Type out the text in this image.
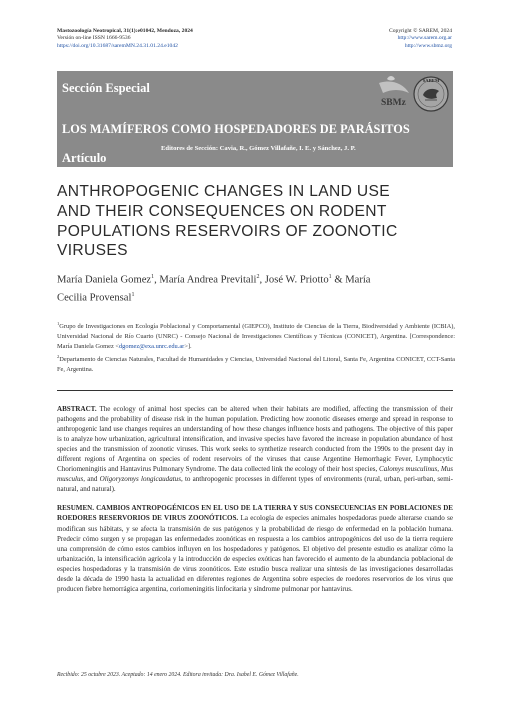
Mastozoología Neotropical, 31(1):e01042, Mendoza, 2024
Versión on-line ISSN 1666-9536
https://doi.org/10.31687/saremMN.24.31.01.24.e1042
Copyright © SAREM, 2024
http://www.sarem.org.ar
http://www.sbmz.org
Sección Especial
SBMz
SAREM
LOS MAMÍFEROS COMO HOSPEDADORES DE PARÁSITOS
Editores de Sección: Cavia, R., Gómez Villafañe, I. E. y Sánchez, J. P.
Artículo
ANTHROPOGENIC CHANGES IN LAND USE
AND THEIR CONSEQUENCES ON RODENT
POPULATIONS RESERVOIRS OF ZOONOTIC
VIRUSES
María Daniela Gomez$^1$, María Andrea Previtali$^2$, José W. Priotto$^1$ & María
Cecilia Provensal$^1$

$^1$Grupo de Investigaciones en Ecología Poblacional y Comportamental (GIEPCO), Instituto de Ciencias de la Tierra, Biodiversidad y Ambiente (ICBIA), Universidad Nacional de Río Cuarto (UNRC) - Consejo Nacional de Investigaciones Científicas y Técnicas (CONICET), Argentina. [Correspondence: María Daniela Gomez <dgomez@exa.unrc.edu.ar>].

$^2$Departamento de Ciencias Naturales, Facultad de Humanidades y Ciencias, Universidad Nacional del Litoral, Santa Fe, Argentina CONICET, CCT-Santa Fe, Argentina.

ABSTRACT. The ecology of animal host species can be altered when their habitats are modified, affecting the transmission of their pathogens and the probability of disease risk in the human population. Predicting how zoonotic diseases emerge and spread in response to anthropogenic land use changes requires an understanding of how these changes influence hosts and pathogens. The objective of this paper is to analyze how urbanization, agricultural intensification, and invasive species have favored the increase in population abundance of host species and the transmission of zoonotic viruses. This work seeks to synthetize research conducted from the 1990s to the present day in different regions of Argentina on species of rodent reservoirs of the viruses that cause Argentine Hemorrhagic Fever, Lymphocytic Choriomeningitis and Hantavirus Pulmonary Syndrome. The data collected link the ecology of their host species, Calomys musculinus, Mus musculus, and Oligoryzomys longicaudatus, to anthropogenic processes in different types of environments (rural, urban, peri-urban, semi-natural, and natural).

RESUMEN. CAMBIOS ANTROPOGÉNICOS EN EL USO DE LA TIERRA Y SUS CONSECUENCIAS EN POBLACIONES DE ROEDORES RESERVORIOS DE VIRUS ZOONÓTICOS. La ecología de especies animales hospedadoras puede alterarse cuando se modifican sus hábitats, y se afecta la transmisión de sus patógenos y la probabilidad de riesgo de enfermedad en la población humana. Predecir cómo surgen y se propagan las enfermedades zoonóticas en respuesta a los cambios antropogénicos del uso de la tierra requiere una comprensión de cómo estos cambios influyen en los hospedadores y patógenos. El objetivo del presente estudio es analizar cómo la urbanización, la intensificación agrícola y la introducción de especies exóticas han favorecido el aumento de la abundancia poblacional de especies hospedadoras y la transmisión de virus zoonóticos. Este estudio busca realizar una síntesis de las investigaciones desarrolladas desde la década de 1990 hasta la actualidad en diferentes regiones de Argentina sobre especies de roedores reservorios de los virus que producen fiebre hemorrágica argentina, coriomeningitis linfocitaria y síndrome pulmonar por hantavirus.

Recibido: 25 octubre 2023. Aceptado: 14 enero 2024. Editora invitada: Dra. Isabel E. Gómez Villafañe.
